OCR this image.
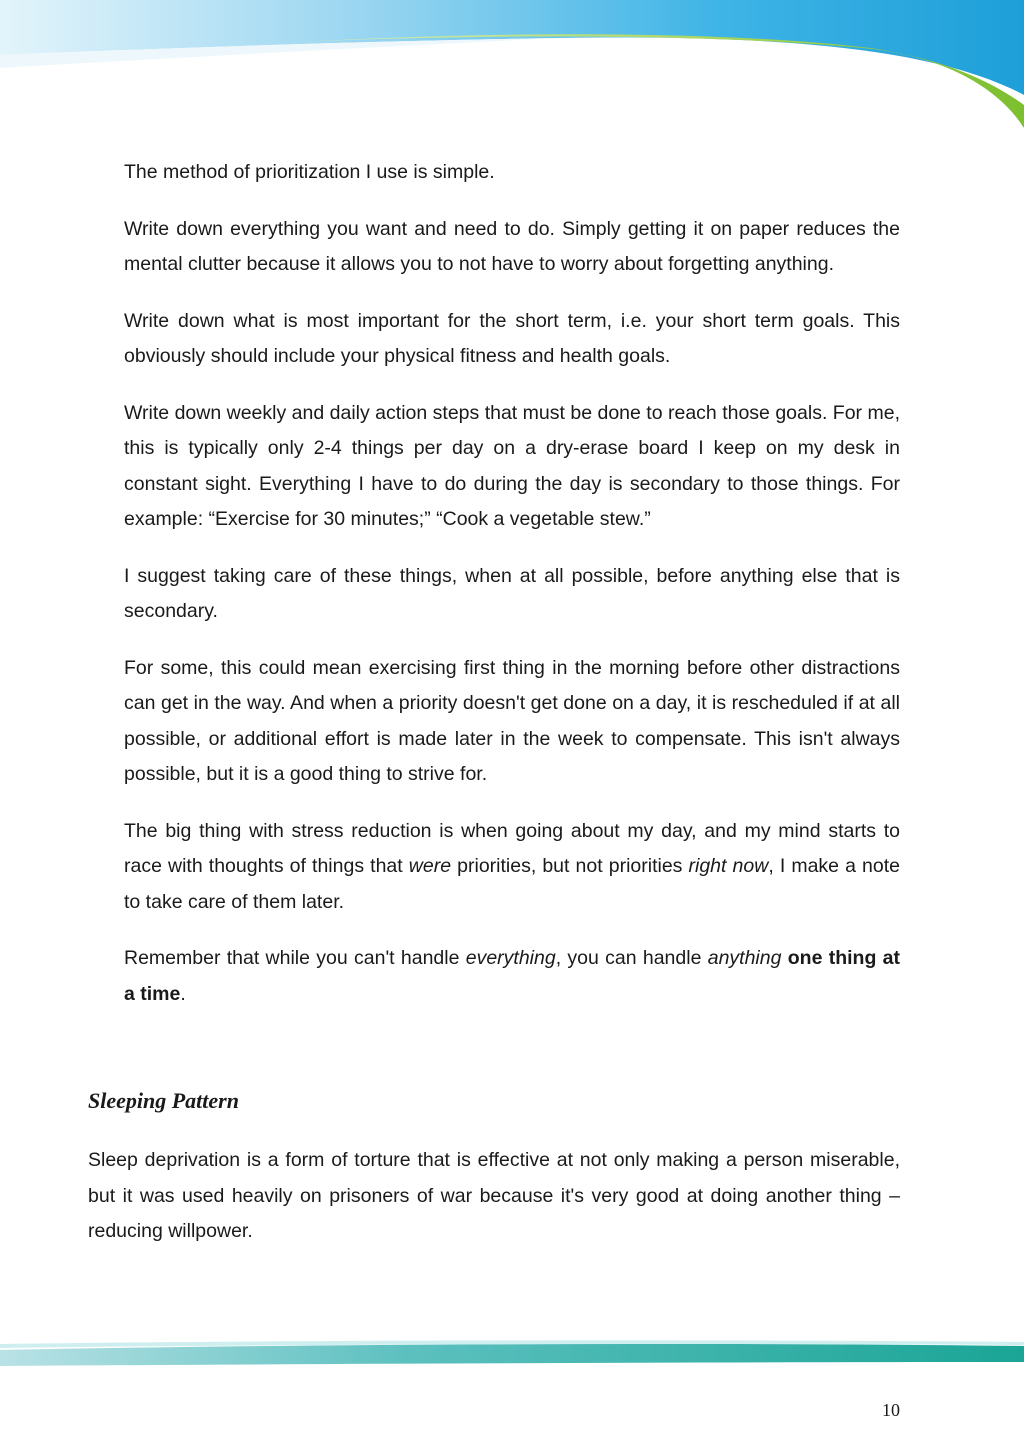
The method of prioritization I use is simple.

Write down everything you want and need to do. Simply getting it on paper reduces the mental clutter because it allows you to not have to worry about forgetting anything.

Write down what is most important for the short term, i.e. your short term goals. This obviously should include your physical fitness and health goals.

Write down weekly and daily action steps that must be done to reach those goals. For me, this is typically only 2-4 things per day on a dry-erase board I keep on my desk in constant sight. Everything I have to do during the day is secondary to those things. For example: “Exercise for 30 minutes;” “Cook a vegetable stew.”

I suggest taking care of these things, when at all possible, before anything else that is secondary.

For some, this could mean exercising first thing in the morning before other distractions can get in the way. And when a priority doesn't get done on a day, it is rescheduled if at all possible, or additional effort is made later in the week to compensate. This isn't always possible, but it is a good thing to strive for.

The big thing with stress reduction is when going about my day, and my mind starts to race with thoughts of things that were priorities, but not priorities right now, I make a note to take care of them later.

Remember that while you can't handle everything, you can handle anything one thing at a time.

Sleeping Pattern

Sleep deprivation is a form of torture that is effective at not only making a person miserable, but it was used heavily on prisoners of war because it's very good at doing another thing – reducing willpower.

10
